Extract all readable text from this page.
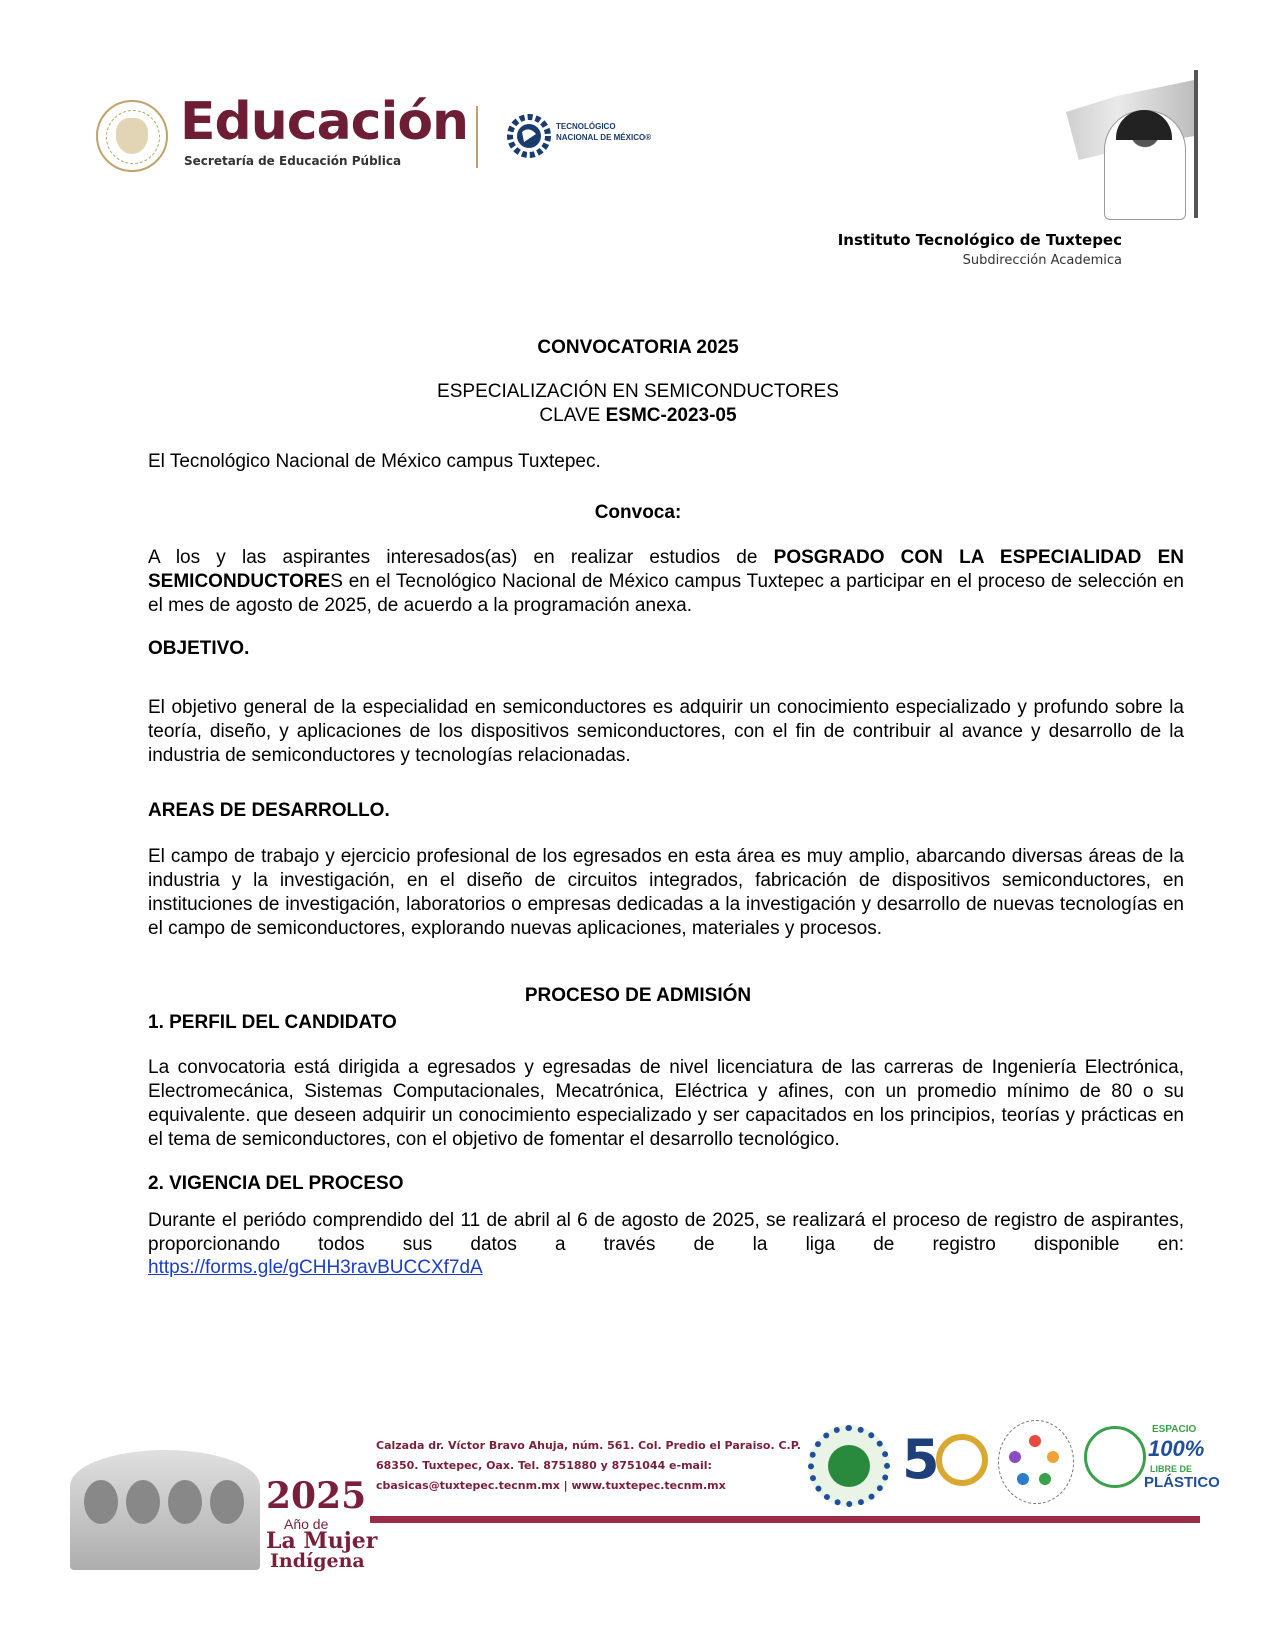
Educación
Secretaría de Educación Pública
TECNOLÓGICO
NACIONAL DE MÉXICO®
Instituto Tecnológico de Tuxtepec
Subdirección Academica
CONVOCATORIA 2025
ESPECIALIZACIÓN EN SEMICONDUCTORES
CLAVE ESMC-2023-05
El Tecnológico Nacional de México campus Tuxtepec.
Convoca:
A los y las aspirantes interesados(as) en realizar estudios de POSGRADO CON LA ESPECIALIDAD EN SEMICONDUCTORES en el Tecnológico Nacional de México campus Tuxtepec a participar en el proceso de selección en el mes de agosto de 2025, de acuerdo a la programación anexa.
OBJETIVO.
El objetivo general de la especialidad en semiconductores es adquirir un conocimiento especializado y profundo sobre la teoría, diseño, y aplicaciones de los dispositivos semiconductores, con el fin de contribuir al avance y desarrollo de la industria de semiconductores y tecnologías relacionadas.
AREAS DE DESARROLLO.
El campo de trabajo y ejercicio profesional de los egresados en esta área es muy amplio, abarcando diversas áreas de la industria y la investigación, en el diseño de circuitos integrados, fabricación de dispositivos semiconductores, en instituciones de investigación, laboratorios o empresas dedicadas a la investigación y desarrollo de nuevas tecnologías en el campo de semiconductores, explorando nuevas aplicaciones, materiales y procesos.
PROCESO DE ADMISIÓN
1. PERFIL DEL CANDIDATO
La convocatoria está dirigida a egresados y egresadas de nivel licenciatura de las carreras de Ingeniería Electrónica, Electromecánica, Sistemas Computacionales, Mecatrónica, Eléctrica y afines, con un promedio mínimo de 80 o su equivalente. que deseen adquirir un conocimiento especializado y ser capacitados en los principios, teorías y prácticas en el tema de semiconductores, con el objetivo de fomentar el desarrollo tecnológico.
2. VIGENCIA DEL PROCESO
Durante el periódo comprendido del 11 de abril al 6 de agosto de 2025, se realizará el proceso de registro de aspirantes, proporcionando todos sus datos a través de la liga de registro disponible en:
https://forms.gle/gCHH3ravBUCCXf7dA
2025
Año de
La Mujer
Indígena
Calzada dr. Víctor Bravo Ahuja, núm. 561. Col. Predio el Paraiso. C.P.
68350. Tuxtepec, Oax. Tel. 8751880 y 8751044 e-mail:
cbasicas@tuxtepec.tecnm.mx | www.tuxtepec.tecnm.mx	5	ESPACIO
100%
LIBRE DE
PLÁSTICO
